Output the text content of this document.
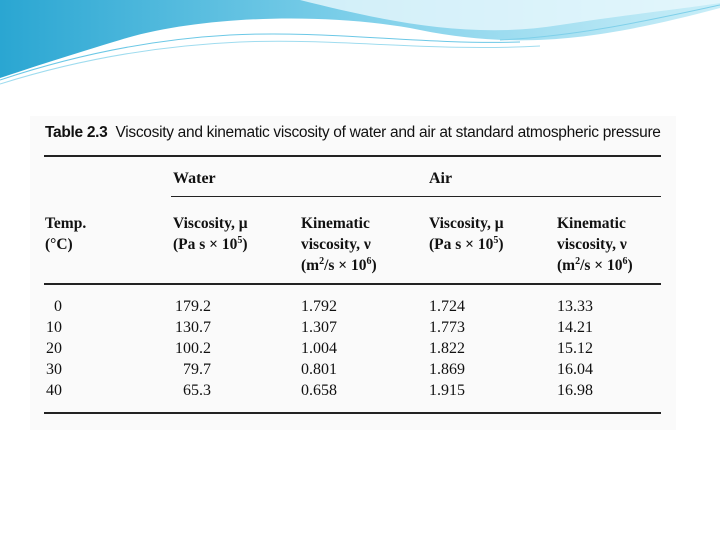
Table 2.3 Viscosity and kinematic viscosity of water and air at standard atmospheric pressure
Water	Air
Temp.
(°C)
Viscosity, μ
(Pa $s \times 10^5$)
Kinematic
viscosity, ν
$(m^2/s \times 10^6)$
Viscosity, μ
(Pa $s \times 10^5$)
Kinematic
viscosity, ν
$(m^2/s \times 10^6)$
0
10
20
30
40
179.2
130.7
100.2
79.7
65.3
1.792
1.307
1.004
0.801
0.658
1.724
1.773
1.822
1.869
1.915
13.33
14.21
15.12
16.04
16.98
